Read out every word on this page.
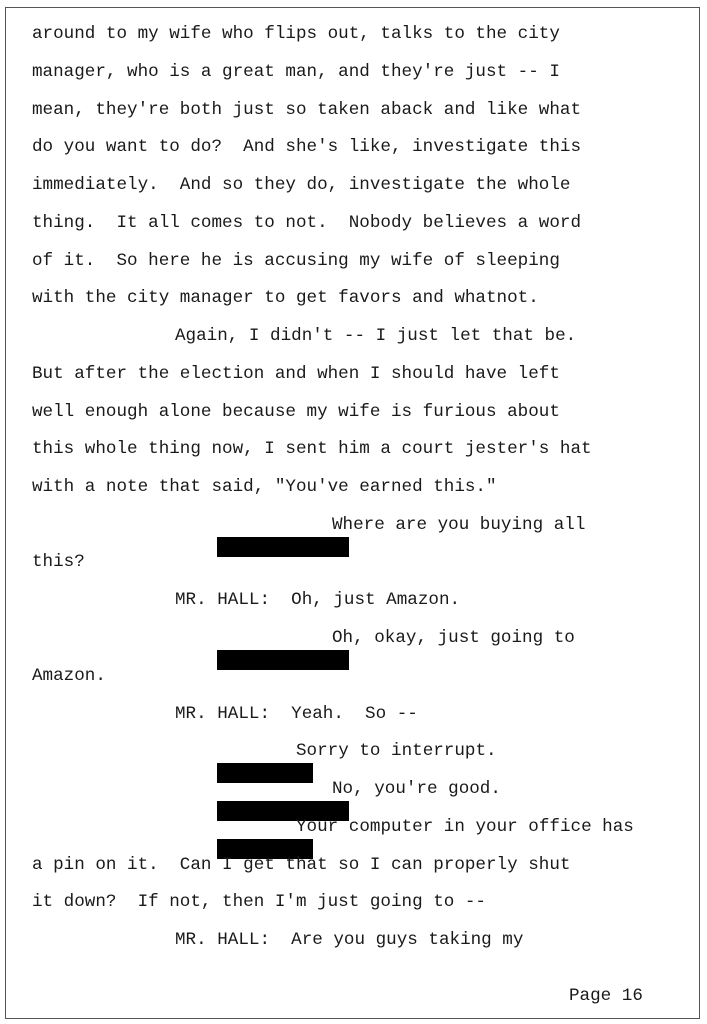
around to my wife who flips out, talks to the city
manager, who is a great man, and they're just -- I
mean, they're both just so taken aback and like what
do you want to do?  And she's like, investigate this
immediately.  And so they do, investigate the whole
thing.  It all comes to not.  Nobody believes a word
of it.  So here he is accusing my wife of sleeping
with the city manager to get favors and whatnot.
Again, I didn't -- I just let that be.
But after the election and when I should have left
well enough alone because my wife is furious about
this whole thing now, I sent him a court jester's hat
with a note that said, "You've earned this."

Where are you buying all

this?
MR. HALL:  Oh, just Amazon.

Oh, okay, just going to

Amazon.
MR. HALL:  Yeah.  So --

Sorry to interrupt.

No, you're good.

Your computer in your office has

a pin on it.  Can I get that so I can properly shut
it down?  If not, then I'm just going to --
MR. HALL:  Are you guys taking my
Page 16
